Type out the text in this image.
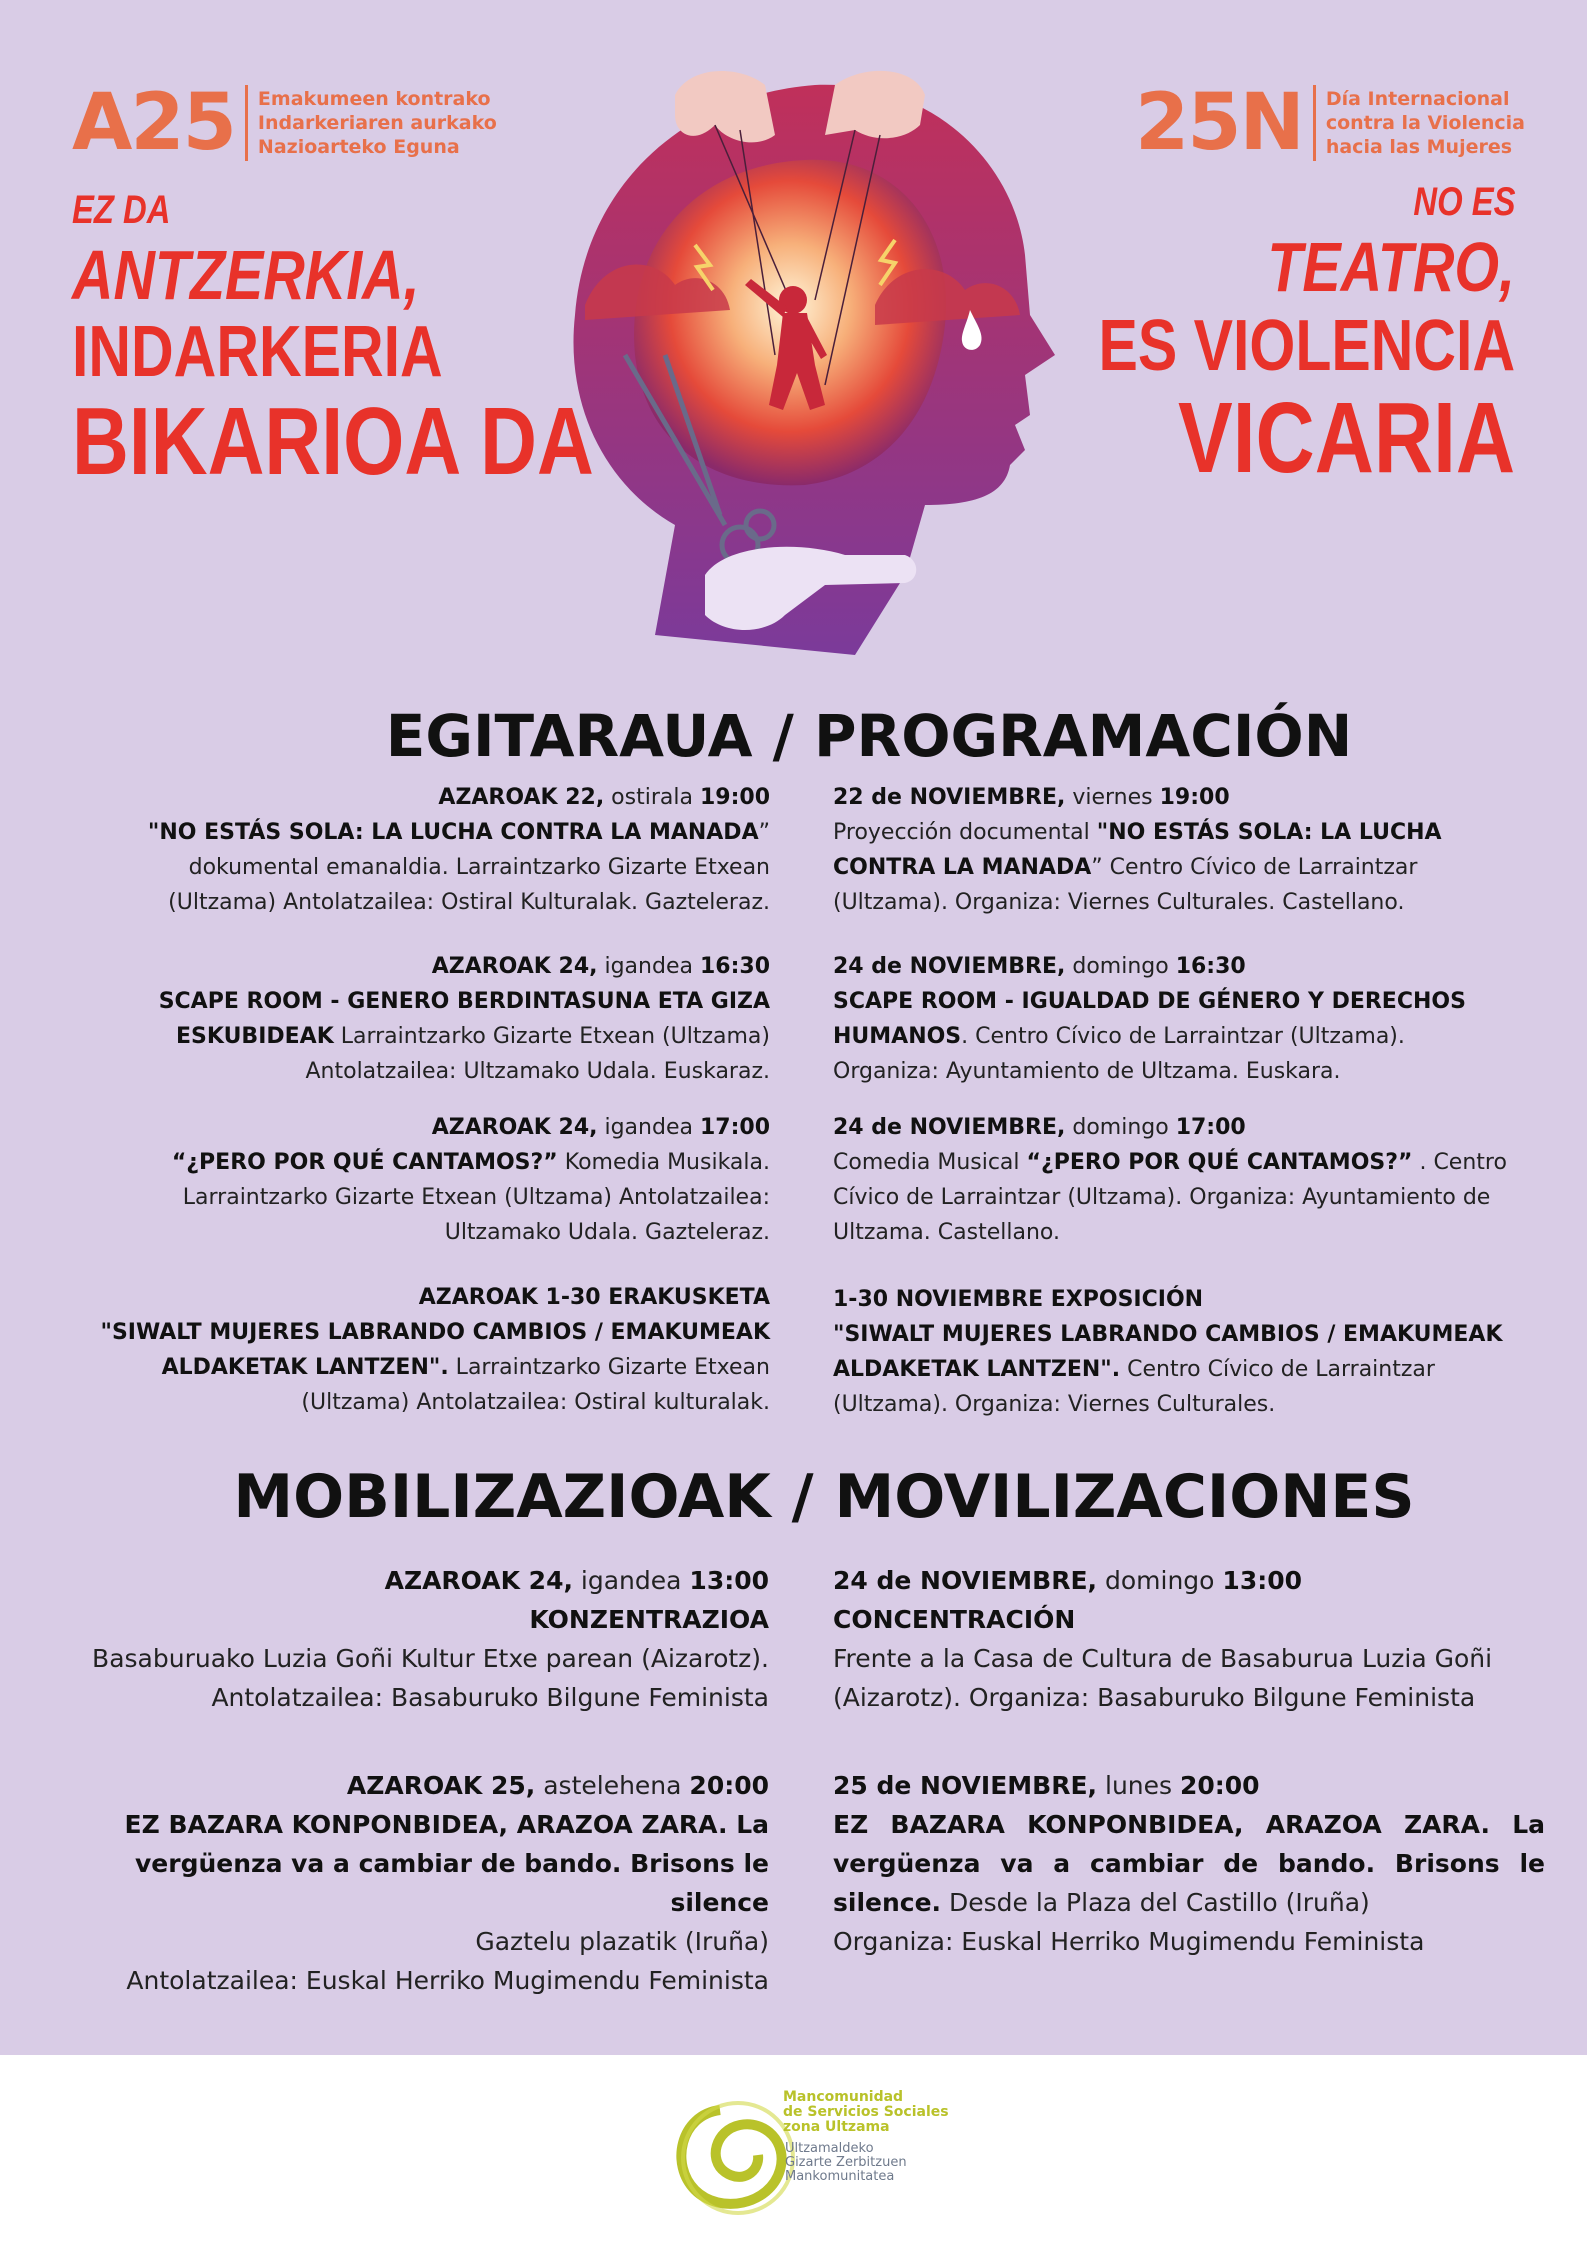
A25 Emakumeen kontrako
Indarkeriaren aurkako
Nazioarteko Eguna	25N Día Internacional
contra la Violencia
hacia las Mujeres
EZ DA
ANTZERKIA,
INDARKERIA
BIKARIOA DA
NO ES
TEATRO,
ES VIOLENCIA
VICARIA
EGITARAUA / PROGRAMACIÓN
AZAROAK 22, ostirala 19:00
"NO ESTÁS SOLA: LA LUCHA CONTRA LA MANADA”
dokumental emanaldia. Larraintzarko Gizarte Etxean
(Ultzama) Antolatzailea: Ostiral Kulturalak. Gazteleraz.
AZAROAK 24, igandea 16:30
SCAPE ROOM - GENERO BERDINTASUNA ETA GIZA
ESKUBIDEAK Larraintzarko Gizarte Etxean (Ultzama)
Antolatzailea: Ultzamako Udala. Euskaraz.
AZAROAK 24, igandea 17:00
“¿PERO POR QUÉ CANTAMOS?” Komedia Musikala.
Larraintzarko Gizarte Etxean (Ultzama) Antolatzailea:
Ultzamako Udala. Gazteleraz.
AZAROAK 1-30 ERAKUSKETA
"SIWALT MUJERES LABRANDO CAMBIOS / EMAKUMEAK
ALDAKETAK LANTZEN". Larraintzarko Gizarte Etxean
(Ultzama) Antolatzailea: Ostiral kulturalak.
22 de NOVIEMBRE, viernes 19:00
Proyección documental "NO ESTÁS SOLA: LA LUCHA
CONTRA LA MANADA” Centro Cívico de Larraintzar
(Ultzama). Organiza: Viernes Culturales. Castellano.
24 de NOVIEMBRE, domingo 16:30
SCAPE ROOM - IGUALDAD DE GÉNERO Y DERECHOS
HUMANOS. Centro Cívico de Larraintzar (Ultzama).
Organiza: Ayuntamiento de Ultzama. Euskara.
24 de NOVIEMBRE, domingo 17:00
Comedia Musical “¿PERO POR QUÉ CANTAMOS?” . Centro
Cívico de Larraintzar (Ultzama). Organiza: Ayuntamiento de
Ultzama. Castellano.
1-30 NOVIEMBRE EXPOSICIÓN
"SIWALT MUJERES LABRANDO CAMBIOS / EMAKUMEAK
ALDAKETAK LANTZEN". Centro Cívico de Larraintzar
(Ultzama). Organiza: Viernes Culturales.
MOBILIZAZIOAK / MOVILIZACIONES
AZAROAK 24, igandea 13:00
KONZENTRAZIOA
Basaburuako Luzia Goñi Kultur Etxe parean (Aizarotz).
Antolatzailea: Basaburuko Bilgune Feminista
AZAROAK 25, astelehena 20:00
EZ BAZARA KONPONBIDEA, ARAZOA ZARA. La
vergüenza va a cambiar de bando. Brisons le silence
Gaztelu plazatik (Iruña)
Antolatzailea: Euskal Herriko Mugimendu Feminista
24 de NOVIEMBRE, domingo 13:00
CONCENTRACIÓN
Frente a la Casa de Cultura de Basaburua Luzia Goñi
(Aizarotz). Organiza: Basaburuko Bilgune Feminista
25 de NOVIEMBRE, lunes 20:00
EZ BAZARA KONPONBIDEA, ARAZOA ZARA. La
vergüenza va a cambiar de bando. Brisons le
silence. Desde la Plaza del Castillo (Iruña)
Organiza: Euskal Herriko Mugimendu Feminista
Mancomunidad
de Servicios Sociales
zona Ultzama
Ultzamaldeko
Gizarte Zerbitzuen
Mankomunitatea
